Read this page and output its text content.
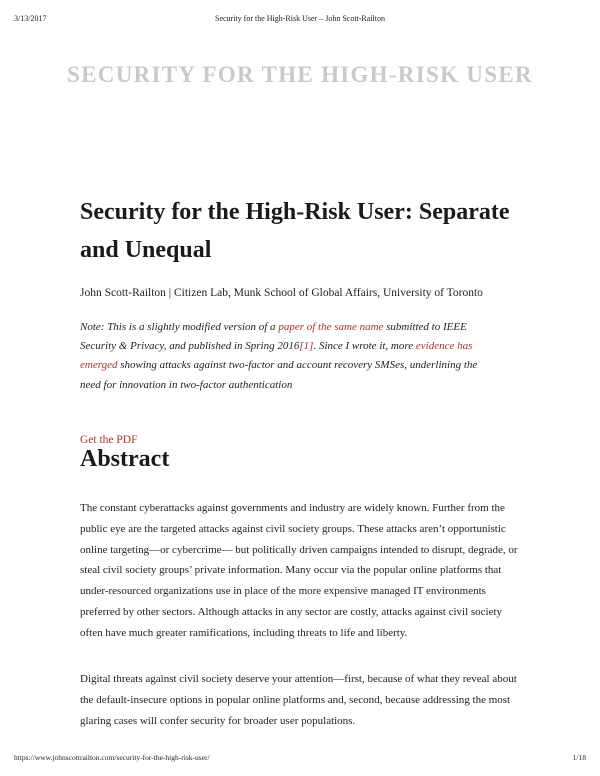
3/13/2017	Security for the High-Risk User – John Scott-Railton
SECURITY FOR THE HIGH-RISK USER
Security for the High-Risk User: Separate and Unequal
John Scott-Railton | Citizen Lab, Munk School of Global Affairs, University of Toronto
Note: This is a slightly modified version of a paper of the same name submitted to IEEE Security & Privacy, and published in Spring 2016[1]. Since I wrote it, more evidence has emerged showing attacks against two-factor and account recovery SMSes, underlining the need for innovation in two-factor authentication
Get the PDF
Abstract

The constant cyberattacks against governments and industry are widely known. Further from the public eye are the targeted attacks against civil society groups. These attacks aren’t opportunistic online targeting—or cybercrime— but politically driven campaigns intended to disrupt, degrade, or steal civil society groups’ private information. Many occur via the popular online platforms that under-resourced organizations use in place of the more expensive managed IT environments preferred by other sectors. Although attacks in any sector are costly, attacks against civil society often have much greater ramifications, including threats to life and liberty.

Digital threats against civil society deserve your attention—first, because of what they reveal about the default-insecure options in popular online platforms and, second, because addressing the most glaring cases will confer security for broader user populations.

https://www.johnscottrailton.com/security-for-the-high-risk-user/	1/18
